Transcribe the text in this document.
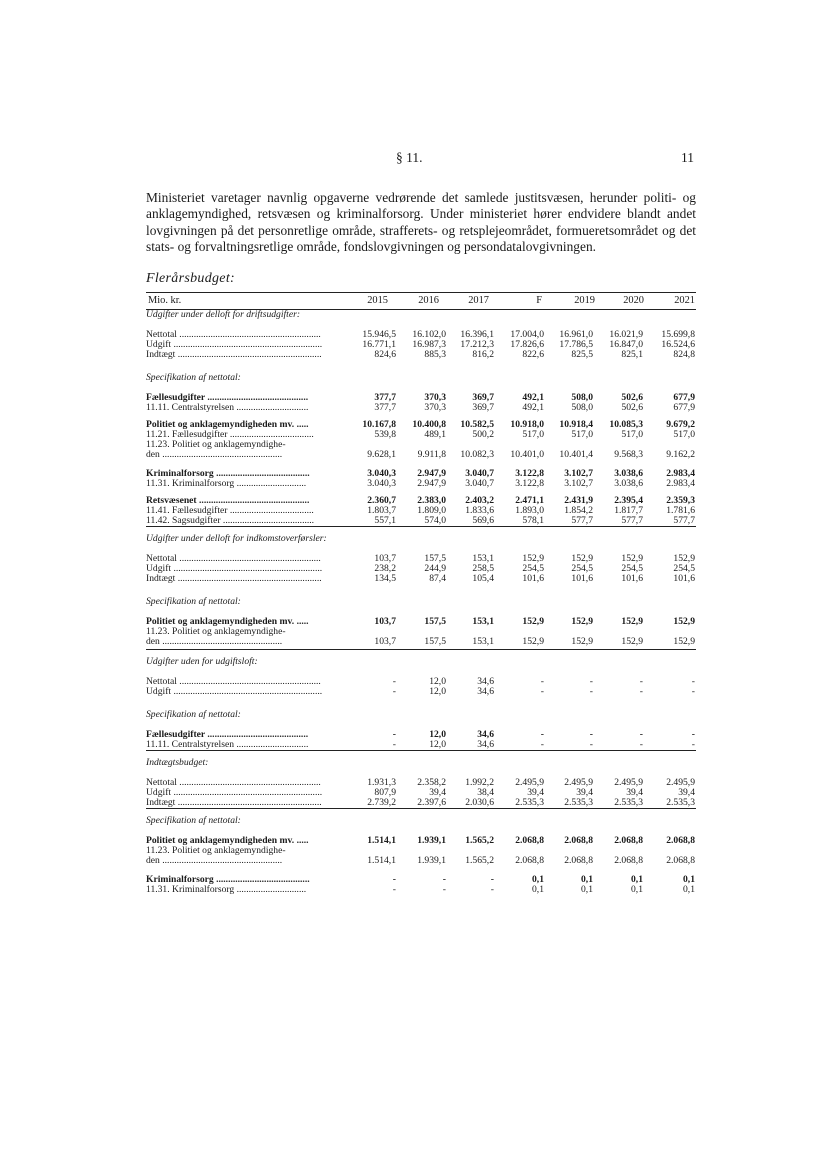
§ 11.	11
Ministeriet varetager navnlig opgaverne vedrørende det samlede justitsvæsen, herunder politi- og anklagemyndighed, retsvæsen og kriminalforsorg. Under ministeriet hører endvidere blandt andet lovgivningen på det personretlige område, strafferets- og retsplejeområdet, formueretsområdet og det stats- og forvaltningsretlige område, fondslovgivningen og persondatalovgivningen.
Flerårsbudget:
Mio. kr.	2015	2016	2017	F	2019	2020	2021
Udgifter under delloft for driftsudgifter:
Nettotal ...........................................................	15.946,5	16.102,0	16.396,1	17.004,0	16.961,0	16.021,9	15.699,8
Udgift ..............................................................	16.771,1	16.987,3	17.212,3	17.826,6	17.786,5	16.847,0	16.524,6
Indtægt ............................................................	824,6	885,3	816,2	822,6	825,5	825,1	824,8
Specifikation af nettotal:
Fællesudgifter ..........................................	377,7	370,3	369,7	492,1	508,0	502,6	677,9
11.11. Centralstyrelsen ..............................	377,7	370,3	369,7	492,1	508,0	502,6	677,9
Politiet og anklagemyndigheden mv. .....	10.167,8	10.400,8	10.582,5	10.918,0	10.918,4	10.085,3	9.679,2
11.21. Fællesudgifter ...................................	539,8	489,1	500,2	517,0	517,0	517,0	517,0
11.23. Politiet og anklagemyndighe-
den ..................................................	9.628,1	9.911,8	10.082,3	10.401,0	10.401,4	9.568,3	9.162,2
Kriminalforsorg .......................................	3.040,3	2.947,9	3.040,7	3.122,8	3.102,7	3.038,6	2.983,4
11.31. Kriminalforsorg .............................	3.040,3	2.947,9	3.040,7	3.122,8	3.102,7	3.038,6	2.983,4
Retsvæsenet ..............................................	2.360,7	2.383,0	2.403,2	2.471,1	2.431,9	2.395,4	2.359,3
11.41. Fællesudgifter ...................................	1.803,7	1.809,0	1.833,6	1.893,0	1.854,2	1.817,7	1.781,6
11.42. Sagsudgifter ......................................	557,1	574,0	569,6	578,1	577,7	577,7	577,7
Udgifter under delloft for indkomstoverførsler:
Nettotal ...........................................................	103,7	157,5	153,1	152,9	152,9	152,9	152,9
Udgift ..............................................................	238,2	244,9	258,5	254,5	254,5	254,5	254,5
Indtægt ............................................................	134,5	87,4	105,4	101,6	101,6	101,6	101,6
Specifikation af nettotal:
Politiet og anklagemyndigheden mv. .....	103,7	157,5	153,1	152,9	152,9	152,9	152,9
11.23. Politiet og anklagemyndighe-
den ..................................................	103,7	157,5	153,1	152,9	152,9	152,9	152,9
Udgifter uden for udgiftsloft:
Nettotal ...........................................................	-	12,0	34,6	-	-	-	-
Udgift ..............................................................	-	12,0	34,6	-	-	-	-
Specifikation af nettotal:
Fællesudgifter ..........................................	-	12,0	34,6	-	-	-	-
11.11. Centralstyrelsen ..............................	-	12,0	34,6	-	-	-	-
Indtægtsbudget:
Nettotal ...........................................................	1.931,3	2.358,2	1.992,2	2.495,9	2.495,9	2.495,9	2.495,9
Udgift ..............................................................	807,9	39,4	38,4	39,4	39,4	39,4	39,4
Indtægt ............................................................	2.739,2	2.397,6	2.030,6	2.535,3	2.535,3	2.535,3	2.535,3
Specifikation af nettotal:
Politiet og anklagemyndigheden mv. .....	1.514,1	1.939,1	1.565,2	2.068,8	2.068,8	2.068,8	2.068,8
11.23. Politiet og anklagemyndighe-
den ..................................................	1.514,1	1.939,1	1.565,2	2.068,8	2.068,8	2.068,8	2.068,8
Kriminalforsorg .......................................	-	-	-	0,1	0,1	0,1	0,1
11.31. Kriminalforsorg .............................	-	-	-	0,1	0,1	0,1	0,1
